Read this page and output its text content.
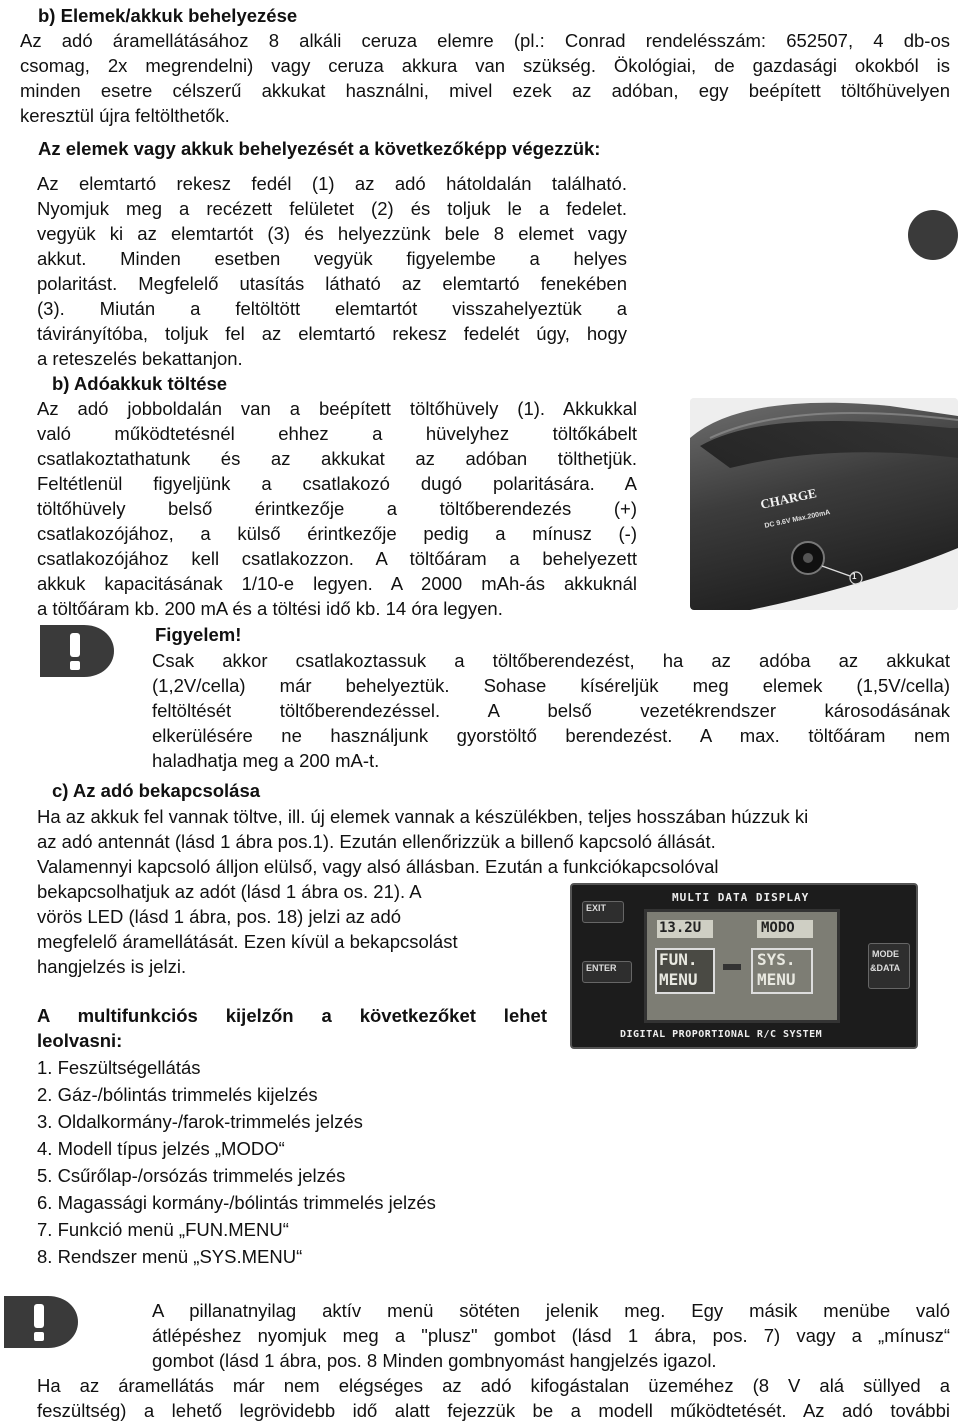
b) Elemek/akkuk behelyezése
Az adó áramellátásához 8 alkáli ceruza elemre (pl.: Conrad rendelésszám: 652507, 4 db-os
csomag, 2x megrendelni) vagy ceruza akkura van szükség. Ökológiai, de gazdasági okokból is
minden esetre célszerű akkukat használni, mivel ezek az adóban, egy beépített töltőhüvelyen
keresztül újra feltölthetők.
Az elemek vagy akkuk behelyezését a következőképp végezzük:
Az elemtartó rekesz fedél (1) az adó hátoldalán található.
Nyomjuk meg a recézett felületet (2) és toljuk le a fedelet.
vegyük ki az elemtartót (3) és helyezzünk bele 8 elemet vagy
akkut. Minden esetben vegyük figyelembe a helyes
polaritást. Megfelelő utasítás látható az elemtartó fenekében
(3). Miután a feltöltött elemtartót visszahelyeztük a
távirányítóba, toljuk fel az elemtartó rekesz fedelét úgy, hogy
a reteszelés bekattanjon.
b) Adóakkuk töltése
Az adó jobboldalán van a beépített töltőhüvely (1). Akkukkal
való működtetésnél ehhez a hüvelyhez töltőkábelt
csatlakoztathatunk és az akkukat az adóban tölthetjük.
Feltétlenül figyeljünk a csatlakozó dugó polaritására. A
töltőhüvely belső érintkezője a töltőberendezés (+)
csatlakozójához, a külső érintkezője pedig a mínusz (-)
csatlakozójához kell csatlakozzon. A töltőáram a behelyezett
akkuk kapacitásának 1/10-e legyen. A 2000 mAh-ás akkuknál
a töltőáram kb. 200 mA és a töltési idő kb. 14 óra legyen.
CHARGE
DC 9.6V Max.200mA
1
Figyelem!
Csak akkor csatlakoztassuk a töltőberendezést, ha az adóba az akkukat
(1,2V/cella) már behelyeztük. Sohase kíséreljük meg elemek (1,5V/cella)
feltöltését töltőberendezéssel. A belső vezetékrendszer károsodásának
elkerülésére ne használjunk gyorstöltő berendezést. A max. töltőáram nem
haladhatja meg a 200 mA-t.
c) Az adó bekapcsolása
Ha az akkuk fel vannak töltve, ill. új elemek vannak a készülékben, teljes hosszában húzzuk ki
az adó antennát (lásd 1 ábra pos.1). Ezután ellenőrizzük a billenő kapcsoló állását.
Valamennyi kapcsoló álljon elülső, vagy alsó állásban. Ezután a funkciókapcsolóval
bekapcsolhatjuk az adót (lásd 1 ábra os. 21). A
vörös LED (lásd 1 ábra, pos. 18) jelzi az adó
megfelelő áramellátását. Ezen kívül a bekapcsolást
hangjelzés is jelzi.
MULTI DATA DISPLAY
EXIT
ENTER
MODE
&DATA
13.2U	MODO
FUN.
MENU
SYS.
MENU
DIGITAL PROPORTIONAL R/C SYSTEM
A multifunkciós kijelzőn a következőket lehet
leolvasni:
1. Feszültségellátás
2. Gáz-/bólintás trimmelés kijelzés
3. Oldalkormány-/farok-trimmelés jelzés
4. Modell típus jelzés „MODO“
5. Csűrőlap-/orsózás trimmelés jelzés
6. Magassági kormány-/bólintás trimmelés jelzés
7. Funkció menü „FUN.MENU“
8. Rendszer menü „SYS.MENU“
A pillanatnyilag aktív menü sötéten jelenik meg. Egy másik menübe való
átlépéshez nyomjuk meg a "plusz" gombot (lásd 1 ábra, pos. 7) vagy a „mínusz“
gombot (lásd 1 ábra, pos. 8 Minden gombnyomást hangjelzés igazol.
Ha az áramellátás már nem elégséges az adó kifogástalan üzeméhez (8 V alá süllyed a
feszültség) a lehető legrövidebb idő alatt fejezzük be a modell működtetését. Az adó további
